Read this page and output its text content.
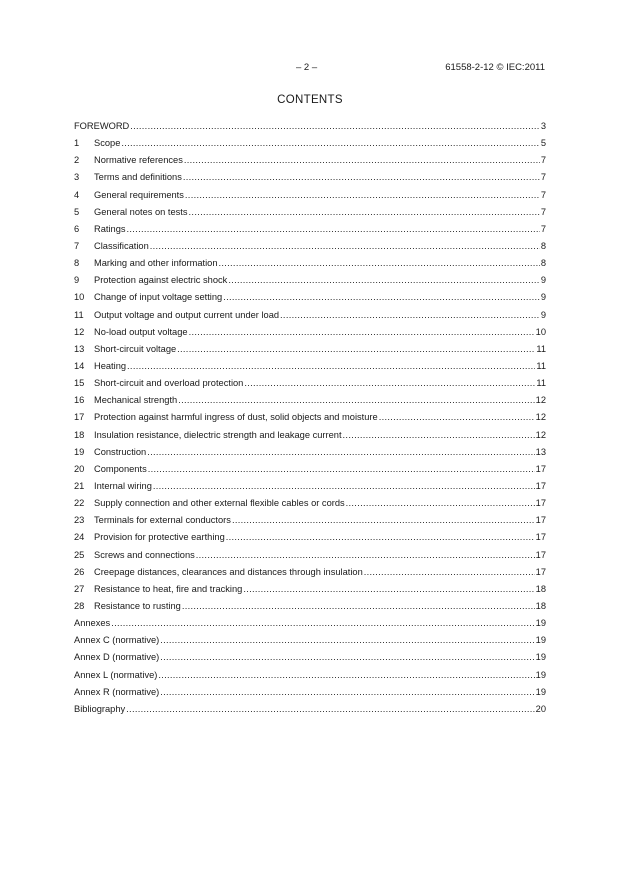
– 2 –	61558-2-12 © IEC:2011
CONTENTS
FOREWORD .....	3
1	Scope .....	5
2	Normative references .....	7
3	Terms and definitions .....	7
4	General requirements .....	7
5	General notes on tests .....	7
6	Ratings .....	7
7	Classification .....	8
8	Marking and other information .....	8
9	Protection against electric shock .....	9
10	Change of input voltage setting .....	9
11	Output voltage and output current under load .....	9
12	No-load output voltage .....	10
13	Short-circuit voltage .....	11
14	Heating .....	11
15	Short-circuit and overload protection .....	11
16	Mechanical strength .....	12
17	Protection against harmful ingress of dust, solid objects and moisture .....	12
18	Insulation resistance, dielectric strength and leakage current .....	12
19	Construction .....	13
20	Components .....	17
21	Internal wiring .....	17
22	Supply connection and other external flexible cables or cords .....	17
23	Terminals for external conductors .....	17
24	Provision for protective earthing .....	17
25	Screws and connections .....	17
26	Creepage distances, clearances and distances through insulation .....	17
27	Resistance to heat, fire and tracking .....	18
28	Resistance to rusting .....	18
Annexes .....	19
Annex C (normative) .....	19
Annex D (normative) .....	19
Annex L (normative) .....	19
Annex R (normative) .....	19
Bibliography .....	20
